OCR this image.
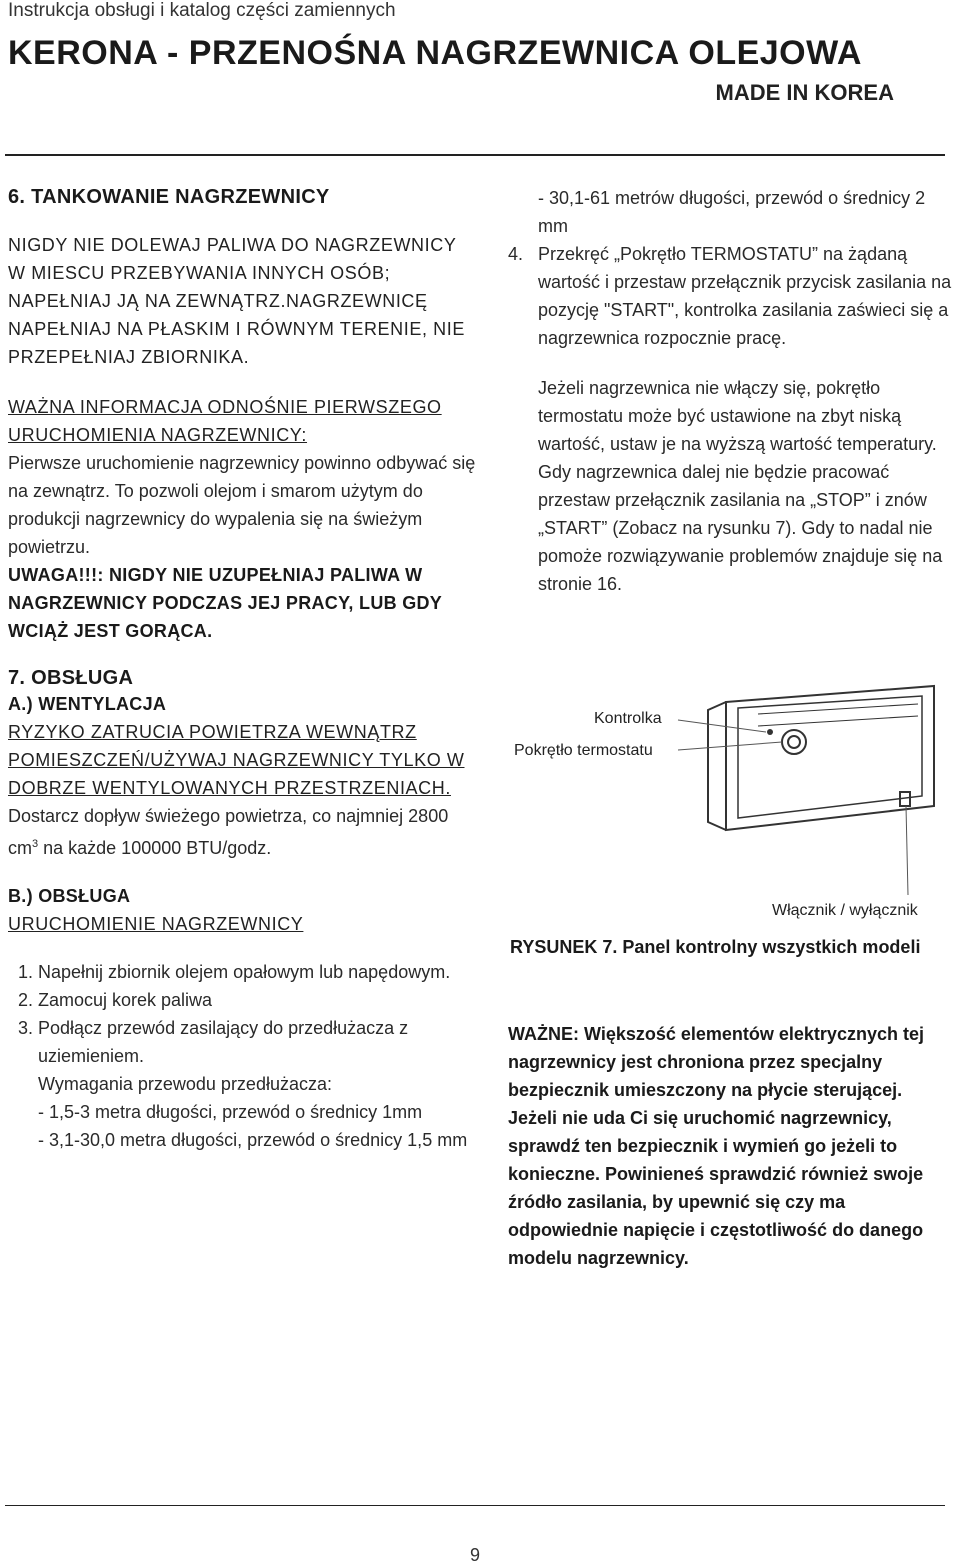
Instrukcja obsługi i katalog części zamiennych
KERONA - PRZENOŚNA NAGRZEWNICA OLEJOWA
MADE IN KOREA
6. TANKOWANIE NAGRZEWNICY
NIGDY NIE DOLEWAJ PALIWA DO NAGRZEWNICY W MIESCU PRZEBYWANIA INNYCH OSÓB; NAPEŁNIAJ JĄ NA ZEWNĄTRZ.NAGRZEWNICĘ NAPEŁNIAJ NA PŁASKIM I RÓWNYM TERENIE, NIE PRZEPEŁNIAJ ZBIORNIKA.
WAŻNA INFORMACJA ODNOŚNIE PIERWSZEGO URUCHOMIENIA NAGRZEWNICY:
Pierwsze uruchomienie nagrzewnicy powinno odbywać się na zewnątrz. To pozwoli olejom i smarom użytym do produkcji nagrzewnicy do wypalenia się na świeżym powietrzu.
UWAGA!!!: NIGDY NIE UZUPEŁNIAJ PALIWA W NAGRZEWNICY PODCZAS JEJ PRACY, LUB GDY WCIĄŻ JEST GORĄCA.
7. OBSŁUGA
A.) WENTYLACJA
RYZYKO ZATRUCIA POWIETRZA WEWNĄTRZ POMIESZCZEŃ/UŻYWAJ NAGRZEWNICY TYLKO W DOBRZE WENTYLOWANYCH PRZESTRZENIACH.
Dostarcz dopływ świeżego powietrza, co najmniej 2800 $cm^3$ na każde 100000 BTU/godz.
B.) OBSŁUGA
URUCHOMIENIE NAGRZEWNICY
1. Napełnij zbiornik olejem opałowym lub napędowym.
2. Zamocuj korek paliwa
3. Podłącz przewód zasilający do przedłużacza z uziemieniem.
Wymagania przewodu przedłużacza:
- 1,5-3 metra długości, przewód o średnicy 1mm
- 3,1-30,0 metra długości, przewód o średnicy 1,5 mm
- 30,1-61 metrów długości, przewód o średnicy 2 mm
4. Przekręć „Pokrętło TERMOSTATU” na żądaną wartość i przestaw przełącznik przycisk zasilania na pozycję "START", kontrolka zasilania zaświeci się a nagrzewnica rozpocznie pracę.
Jeżeli nagrzewnica nie włączy się, pokrętło termostatu może być ustawione na zbyt niską wartość, ustaw je na wyższą wartość temperatury. Gdy nagrzewnica dalej nie będzie pracować przestaw przełącznik zasilania na „STOP” i znów „START” (Zobacz na rysunku 7). Gdy to nadal nie pomoże rozwiązywanie problemów znajduje się na stronie 16.
Kontrolka
Pokrętło termostatu
Włącznik / wyłącznik
RYSUNEK 7. Panel kontrolny wszystkich modeli
WAŻNE: Większość elementów elektrycznych tej nagrzewnicy jest chroniona przez specjalny bezpiecznik umieszczony na płycie sterującej. Jeżeli nie uda Ci się uruchomić nagrzewnicy, sprawdź ten bezpiecznik i wymień go jeżeli to konieczne. Powinieneś sprawdzić również swoje źródło zasilania, by upewnić się czy ma odpowiednie napięcie i częstotliwość do danego modelu nagrzewnicy.
9
